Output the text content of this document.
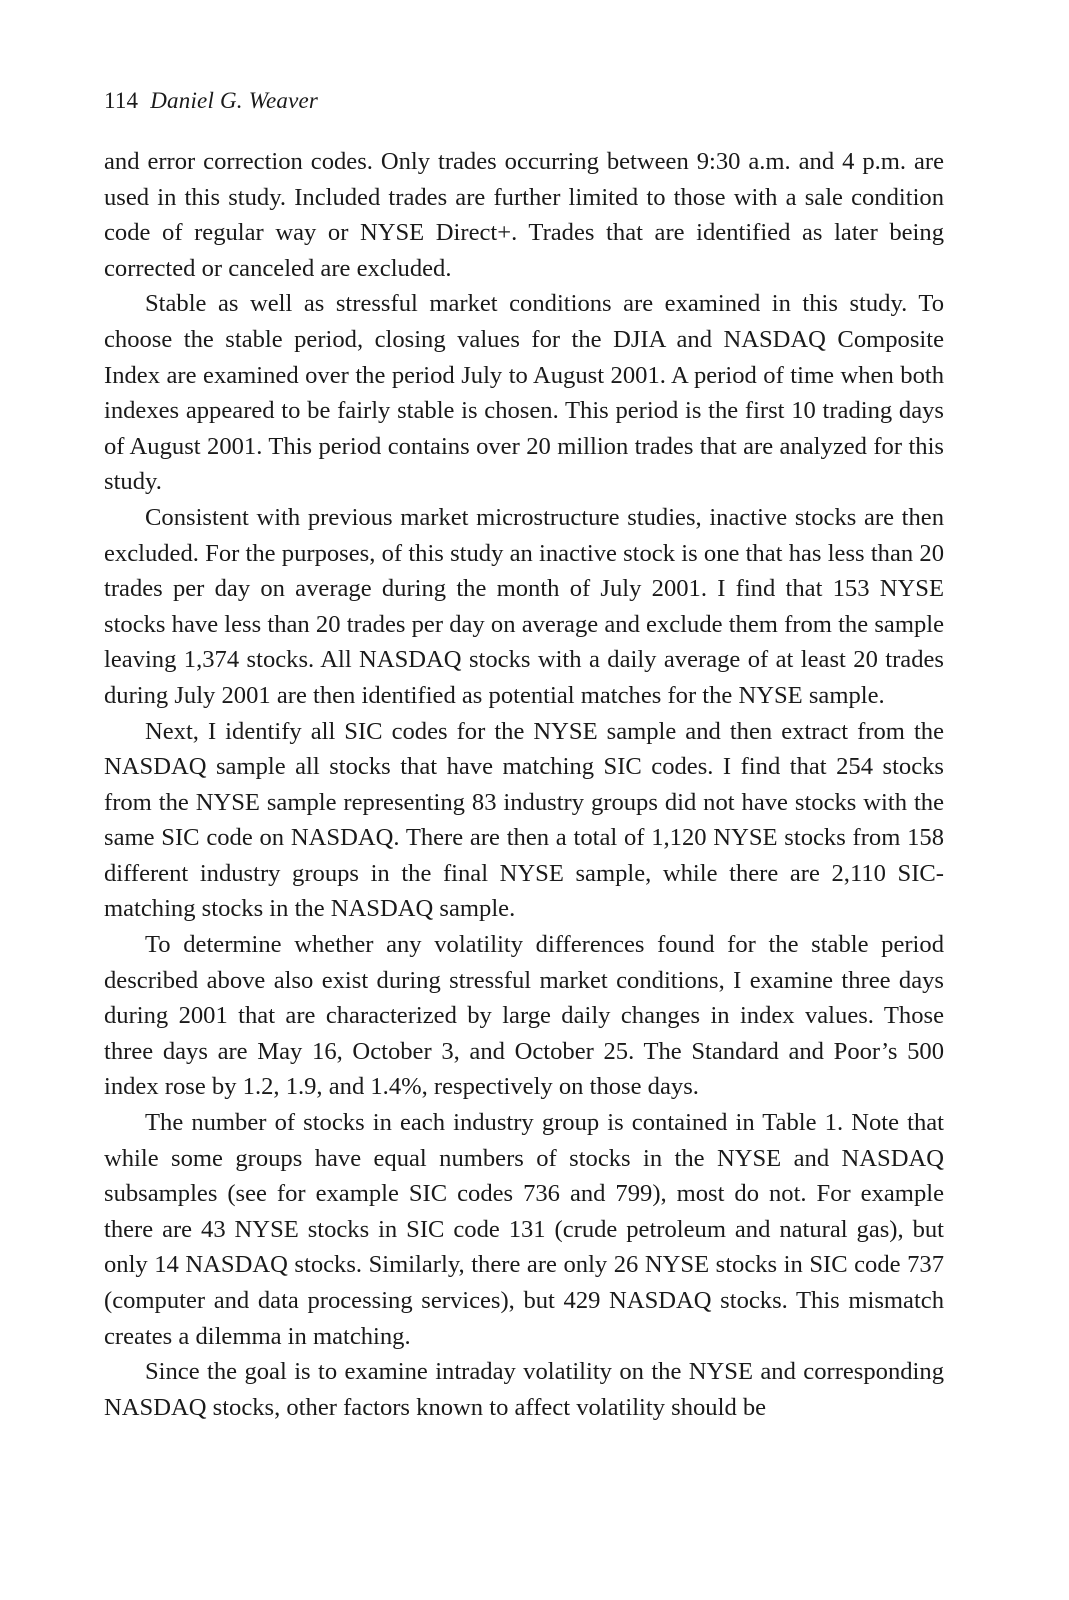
114 Daniel G. Weaver

and error correction codes. Only trades occurring between 9:30 a.m. and 4 p.m. are used in this study. Included trades are further limited to those with a sale condition code of regular way or NYSE Direct+. Trades that are identified as later being corrected or canceled are excluded.

Stable as well as stressful market conditions are examined in this study. To choose the stable period, closing values for the DJIA and NASDAQ Composite Index are examined over the period July to August 2001. A period of time when both indexes appeared to be fairly stable is chosen. This period is the first 10 trading days of August 2001. This period contains over 20 million trades that are analyzed for this study.

Consistent with previous market microstructure studies, inactive stocks are then excluded. For the purposes, of this study an inactive stock is one that has less than 20 trades per day on average during the month of July 2001. I find that 153 NYSE stocks have less than 20 trades per day on average and exclude them from the sample leaving 1,374 stocks. All NASDAQ stocks with a daily average of at least 20 trades during July 2001 are then identified as potential matches for the NYSE sample.

Next, I identify all SIC codes for the NYSE sample and then extract from the NASDAQ sample all stocks that have matching SIC codes. I find that 254 stocks from the NYSE sample representing 83 industry groups did not have stocks with the same SIC code on NASDAQ. There are then a total of 1,120 NYSE stocks from 158 different industry groups in the final NYSE sample, while there are 2,110 SIC-matching stocks in the NASDAQ sample.

To determine whether any volatility differences found for the stable period described above also exist during stressful market conditions, I examine three days during 2001 that are characterized by large daily changes in index values. Those three days are May 16, October 3, and October 25. The Standard and Poor’s 500 index rose by 1.2, 1.9, and 1.4%, respectively on those days.

The number of stocks in each industry group is contained in Table 1. Note that while some groups have equal numbers of stocks in the NYSE and NASDAQ subsamples (see for example SIC codes 736 and 799), most do not. For example there are 43 NYSE stocks in SIC code 131 (crude petroleum and natural gas), but only 14 NASDAQ stocks. Similarly, there are only 26 NYSE stocks in SIC code 737 (computer and data processing services), but 429 NASDAQ stocks. This mismatch creates a dilemma in matching.

Since the goal is to examine intraday volatility on the NYSE and corresponding NASDAQ stocks, other factors known to affect volatility should be
